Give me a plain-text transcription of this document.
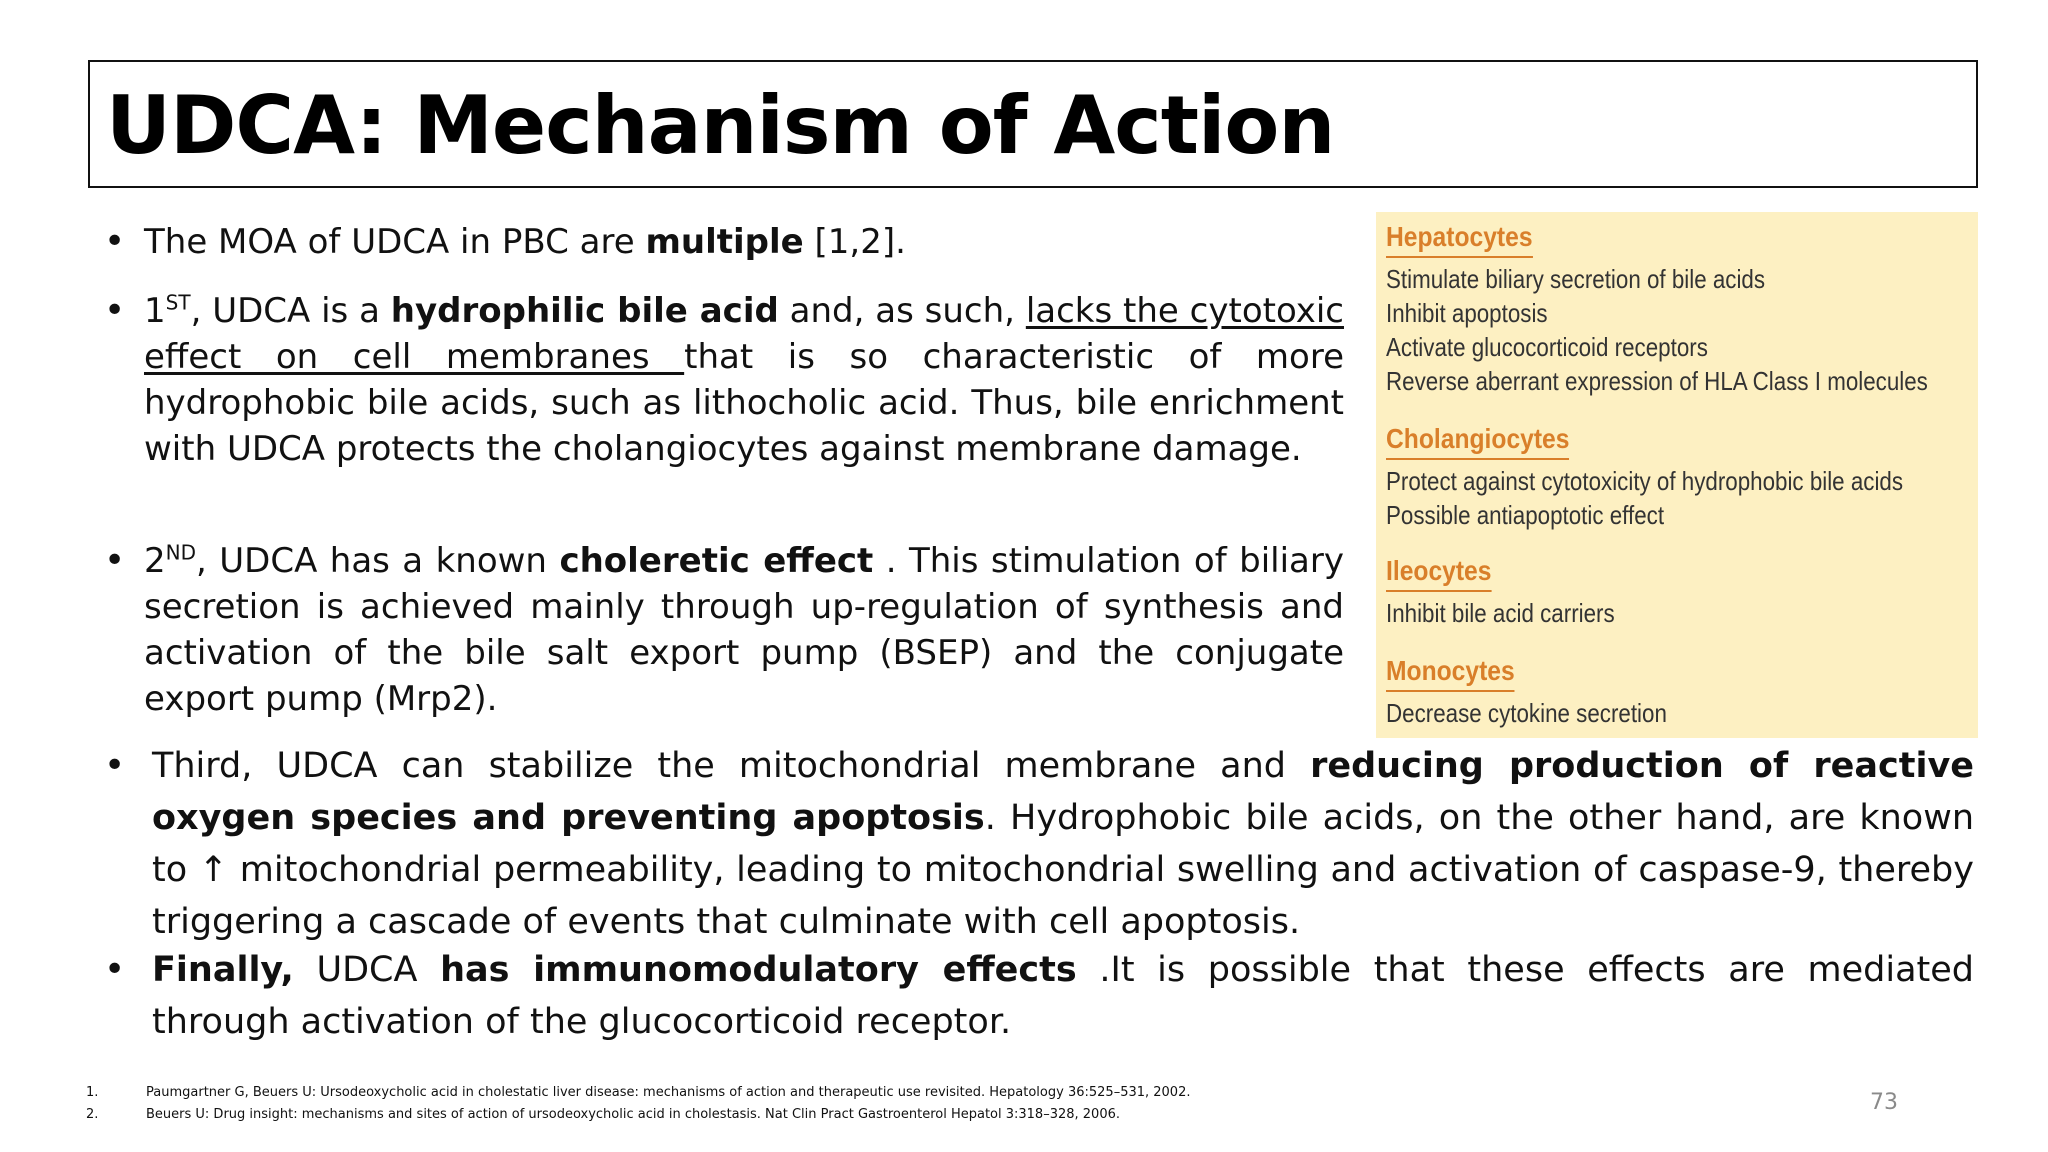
UDCA: Mechanism of Action
• The MOA of UDCA in PBC are multiple [1,2].
• 1ST, UDCA is a hydrophilic bile acid and, as such, lacks the cytotoxic effect on cell membranes that is so characteristic of more hydrophobic bile acids, such as lithocholic acid. Thus, bile enrichment with UDCA protects the cholangiocytes against membrane damage.
• 2ND, UDCA has a known choleretic effect . This stimulation of biliary secretion is achieved mainly through up-regulation of synthesis and activation of the bile salt export pump (BSEP) and the conjugate export pump (Mrp2).
Hepatocytes
Stimulate biliary secretion of bile acids
Inhibit apoptosis
Activate glucocorticoid receptors
Reverse aberrant expression of HLA Class I molecules
Cholangiocytes
Protect against cytotoxicity of hydrophobic bile acids
Possible antiapoptotic effect
Ileocytes
Inhibit bile acid carriers
Monocytes
Decrease cytokine secretion
• Third, UDCA can stabilize the mitochondrial membrane and reducing production of reactive oxygen species and preventing apoptosis. Hydrophobic bile acids, on the other hand, are known to ↑ mitochondrial permeability, leading to mitochondrial swelling and activation of caspase-9, thereby triggering a cascade of events that culminate with cell apoptosis.
• Finally, UDCA has immunomodulatory effects .It is possible that these effects are mediated through activation of the glucocorticoid receptor.
1.	Paumgartner G, Beuers U: Ursodeoxycholic acid in cholestatic liver disease: mechanisms of action and therapeutic use revisited. Hepatology 36:525–531, 2002.
2.	Beuers U: Drug insight: mechanisms and sites of action of ursodeoxycholic acid in cholestasis. Nat Clin Pract Gastroenterol Hepatol 3:318–328, 2006.	73
